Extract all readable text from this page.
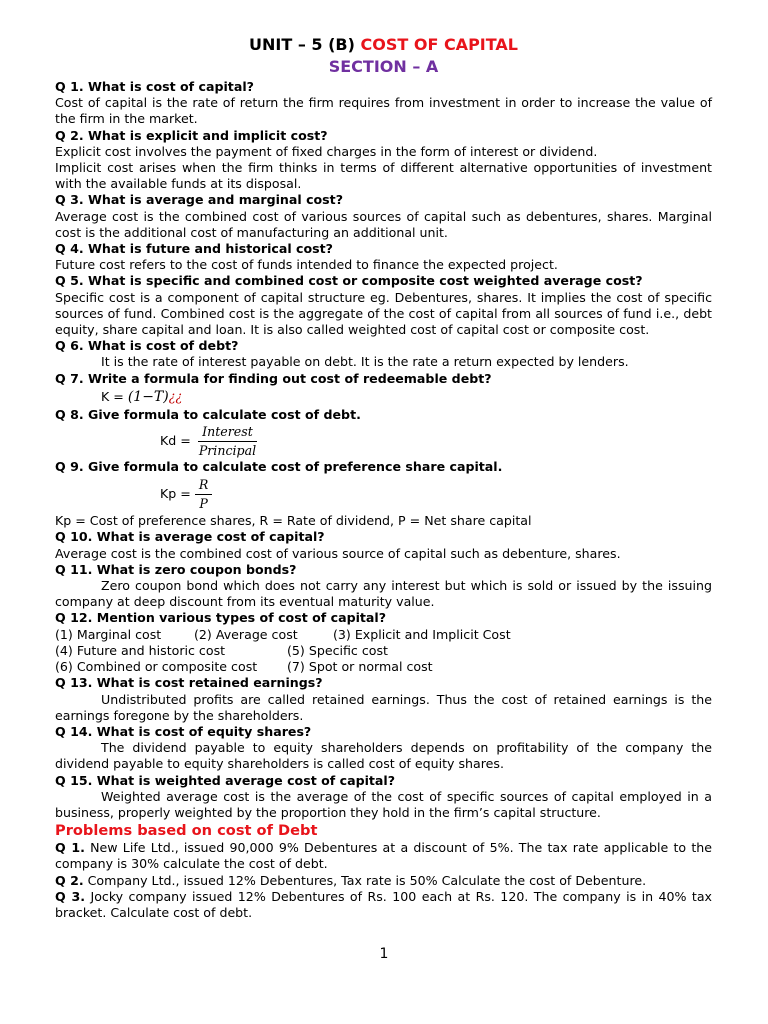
UNIT – 5 (B) COST OF CAPITAL
SECTION – A

Q 1. What is cost of capital?

Cost of capital is the rate of return the firm requires from investment in order to increase the value of the firm in the market.

Q 2. What is explicit and implicit cost?

Explicit cost involves the payment of fixed charges in the form of interest or dividend.

Implicit cost arises when the firm thinks in terms of different alternative opportunities of investment with the available funds at its disposal.

Q 3. What is average and marginal cost?

Average cost is the combined cost of various sources of capital such as debentures, shares. Marginal cost is the additional cost of manufacturing an additional unit.

Q 4. What is future and historical cost?

Future cost refers to the cost of funds intended to finance the expected project.

Q 5. What is specific and combined cost or composite cost weighted average cost?

Specific cost is a component of capital structure eg. Debentures, shares. It implies the cost of specific sources of fund. Combined cost is the aggregate of the cost of capital from all sources of fund i.e., debt equity, share capital and loan. It is also called weighted cost of capital cost or composite cost.

Q 6. What is cost of debt?

It is the rate of interest payable on debt. It is the rate a return expected by lenders.

Q 7. Write a formula for finding out cost of redeemable debt?

K = (1−T)¿¿

Q 8. Give formula to calculate cost of debt.

$Kd = \frac{\text{Interest}}{\text{Principal}}$

Q 9. Give formula to calculate cost of preference share capital.

$Kp = \frac{R}{P}$

Kp = Cost of preference shares, R = Rate of dividend, P = Net share capital

Q 10. What is average cost of capital?

Average cost is the combined cost of various source of capital such as debenture, shares.

Q 11. What is zero coupon bonds?

Zero coupon bond which does not carry any interest but which is sold or issued by the issuing company at deep discount from its eventual maturity value.

Q 12. Mention various types of cost of capital?

(1) Marginal cost	(2) Average cost	(3) Explicit and Implicit Cost
(4) Future and historic cost	(5) Specific cost
(6) Combined or composite cost	(7) Spot or normal cost

Q 13. What is cost retained earnings?

Undistributed profits are called retained earnings. Thus the cost of retained earnings is the earnings foregone by the shareholders.

Q 14. What is cost of equity shares?

The dividend payable to equity shareholders depends on profitability of the company the dividend payable to equity shareholders is called cost of equity shares.

Q 15. What is weighted average cost of capital?

Weighted average cost is the average of the cost of specific sources of capital employed in a business, properly weighted by the proportion they hold in the firm’s capital structure.

Problems based on cost of Debt

Q 1. New Life Ltd., issued 90,000 9% Debentures at a discount of 5%. The tax rate applicable to the company is 30% calculate the cost of debt.

Q 2. Company Ltd., issued 12% Debentures, Tax rate is 50% Calculate the cost of Debenture.

Q 3. Jocky company issued 12% Debentures of Rs. 100 each at Rs. 120. The company is in 40% tax bracket. Calculate cost of debt.

1
